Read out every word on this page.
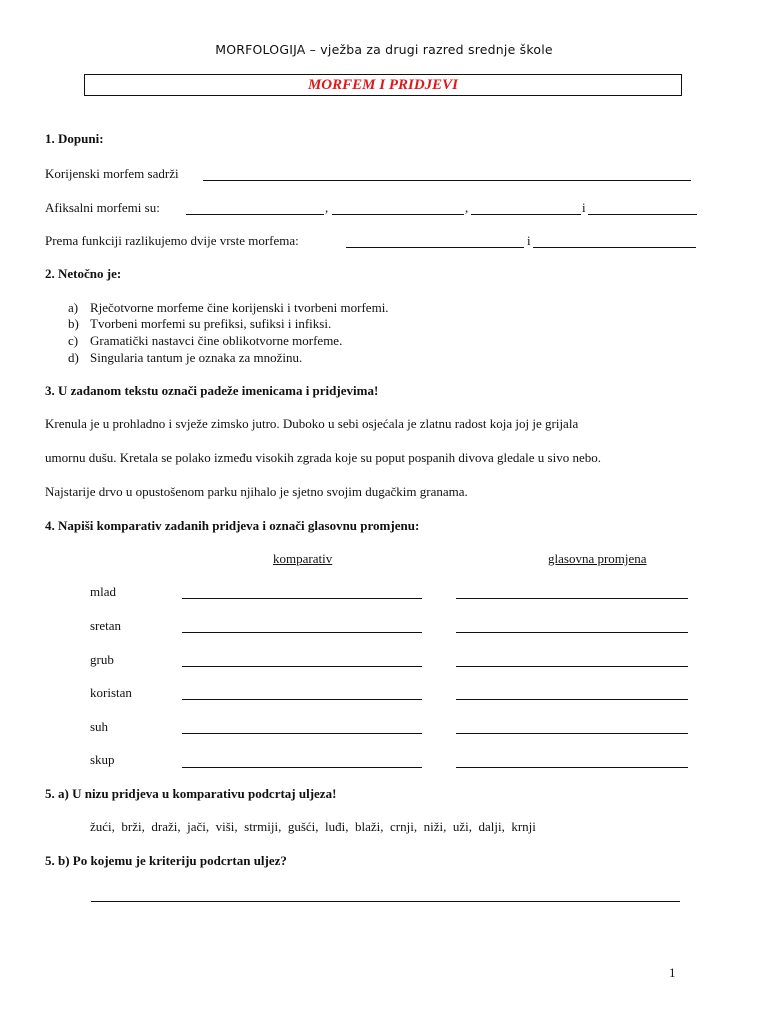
MORFOLOGIJA – vježba za drugi razred srednje škole
MORFEM I PRIDJEVI
1. Dopuni:
Korijenski morfem sadrži
Afiksalni morfemi su:	,	,	i
Prema funkciji razlikujemo dvije vrste morfema:	i
2. Netočno je:
a) Rječotvorne morfeme čine korijenski i tvorbeni morfemi.
b) Tvorbeni morfemi su prefiksi, sufiksi i infiksi.
c) Gramatički nastavci čine oblikotvorne morfeme.
d) Singularia tantum je oznaka za množinu.
3. U zadanom tekstu označi padeže imenicama i pridjevima!
Krenula je u prohladno i svježe zimsko jutro. Duboko u sebi osjećala je zlatnu radost koja joj je grijala
umornu dušu. Kretala se polako između visokih zgrada koje su poput pospanih divova gledale u sivo nebo.
Najstarije drvo u opustošenom parku njihalo je sjetno svojim dugačkim granama.
4. Napiši komparativ zadanih pridjeva i označi glasovnu promjenu:
komparativ	glasovna promjena
mlad
sretan
grub
koristan
suh
skup
5. a) U nizu pridjeva u komparativu podcrtaj uljeza!
žući,  brži,  draži,  jači,  viši,  strmiji,  gušći,  luđi,  blaži,  crnji,  niži,  uži,  dalji,  krnji
5. b) Po kojemu je kriteriju podcrtan uljez?
1
